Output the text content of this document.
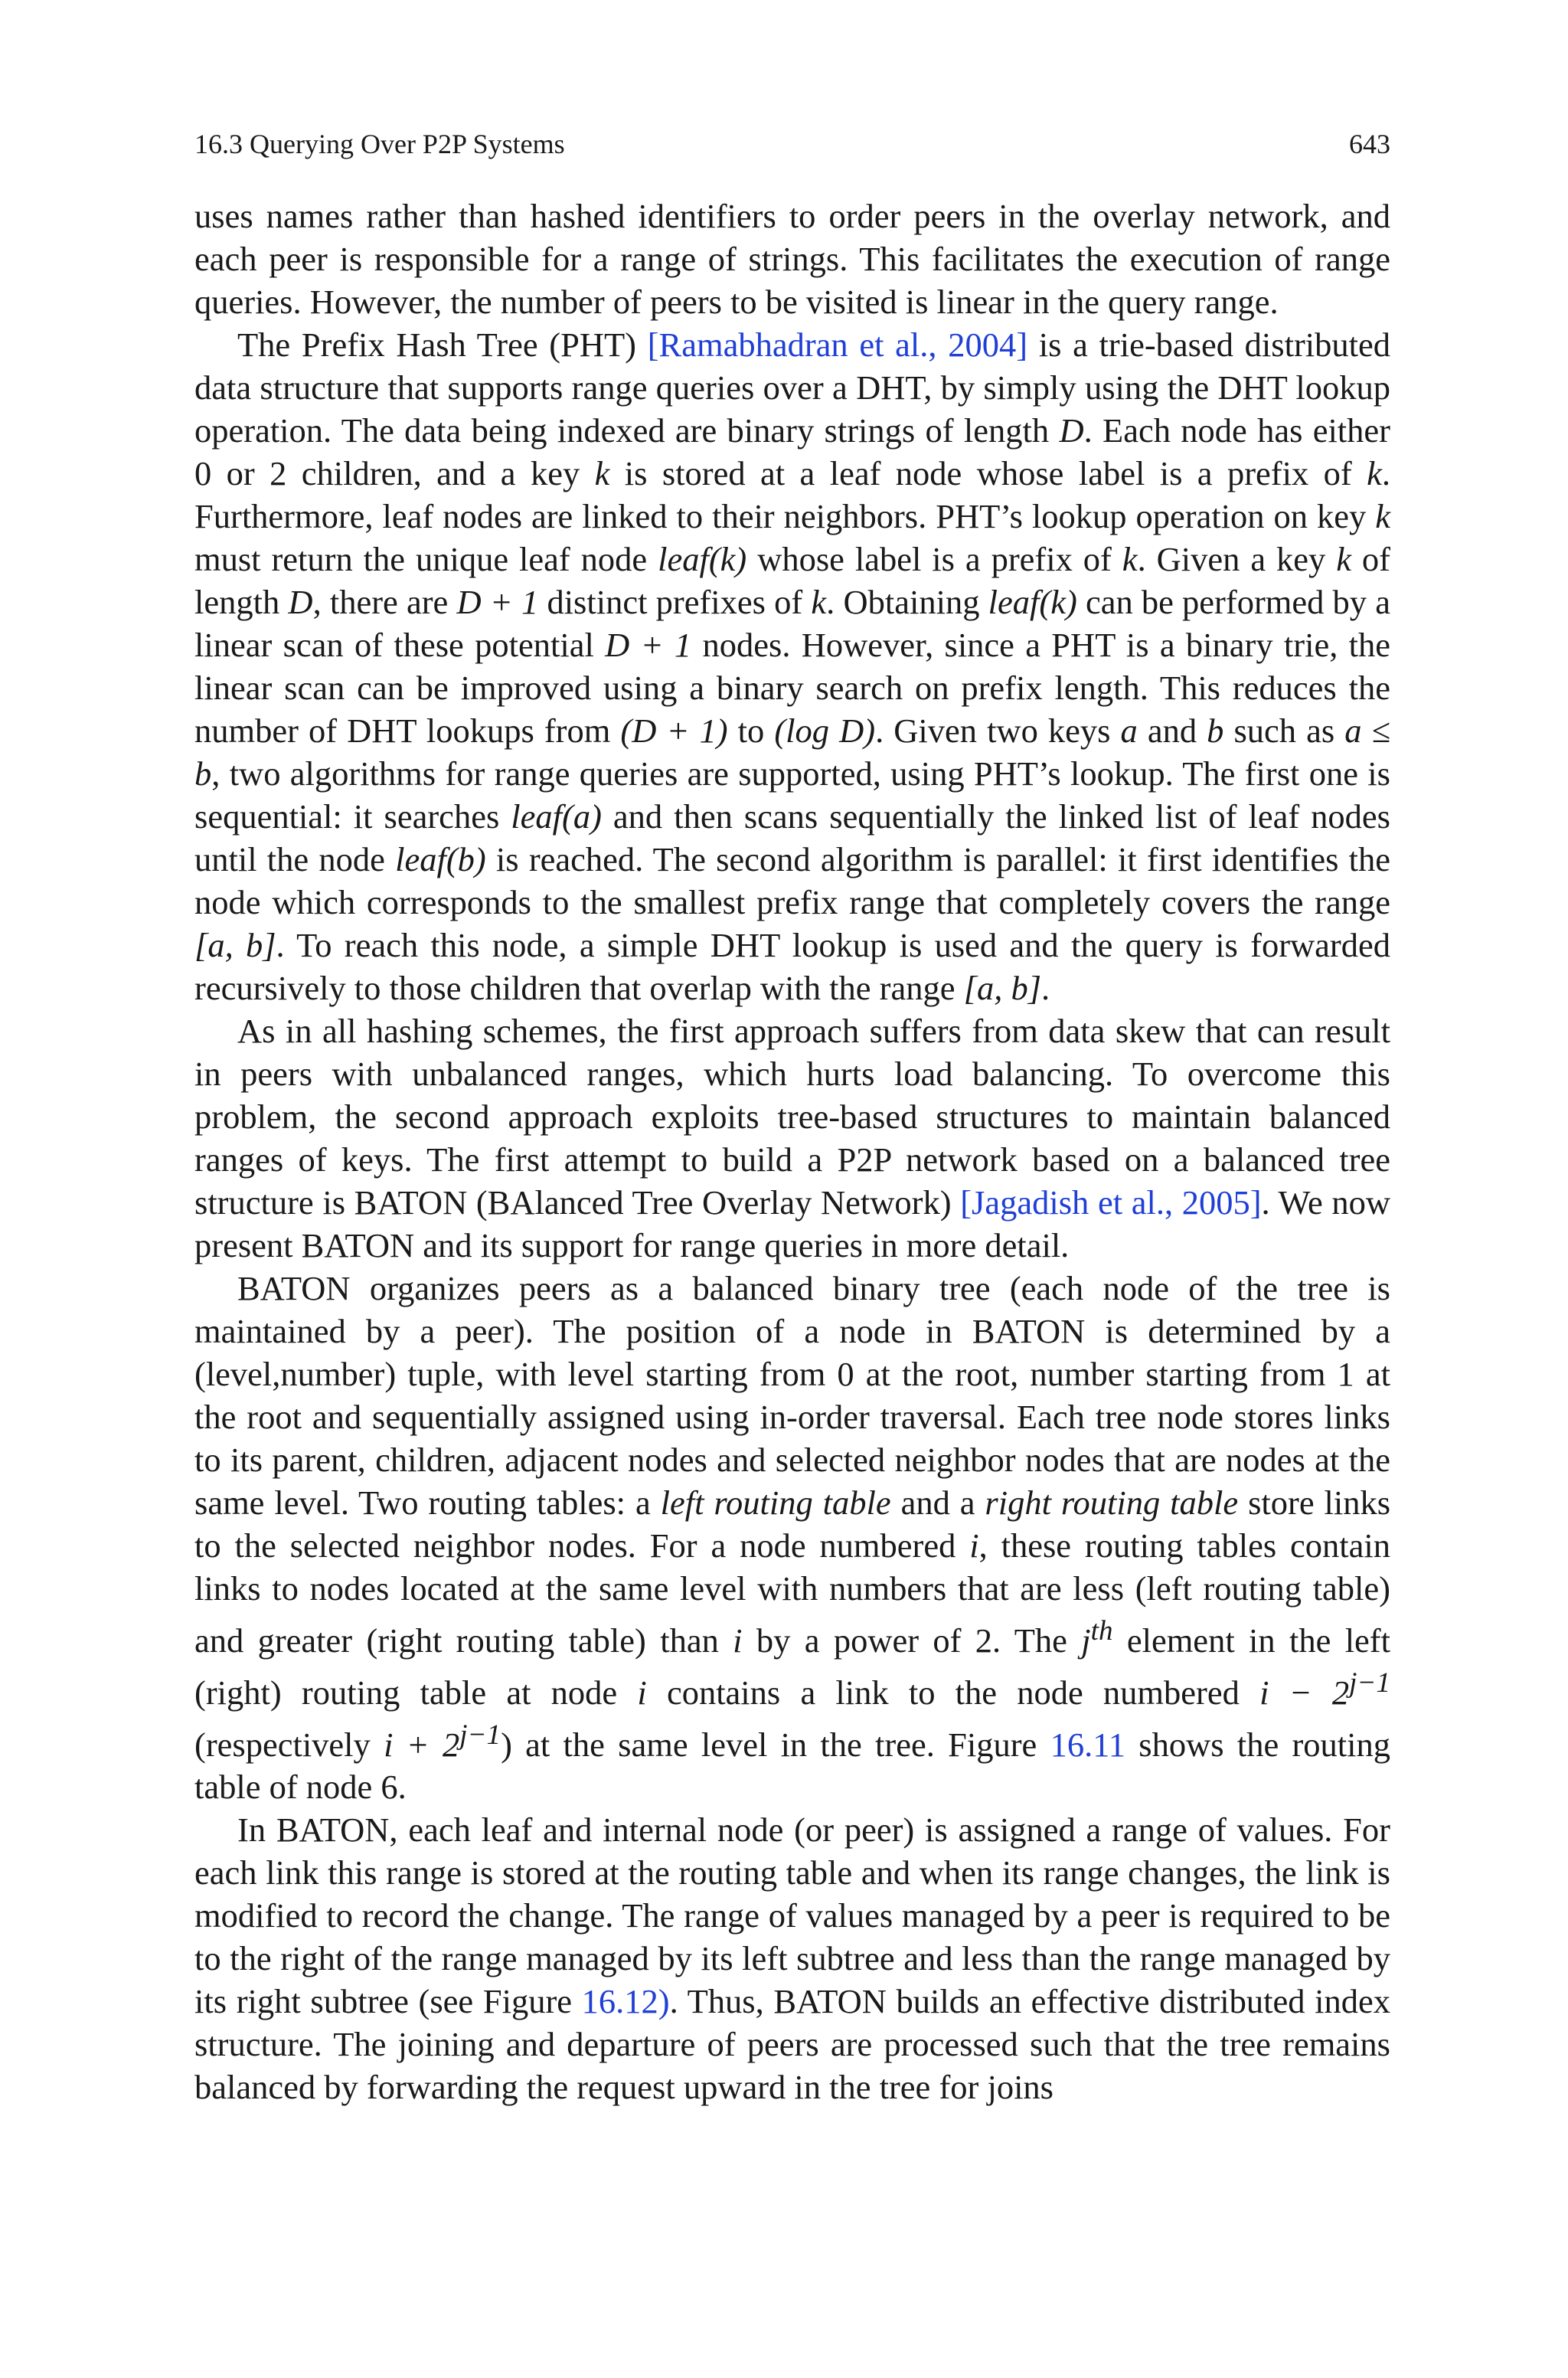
16.3 Querying Over P2P Systems	643

uses names rather than hashed identifiers to order peers in the overlay network, and each peer is responsible for a range of strings. This facilitates the execution of range queries. However, the number of peers to be visited is linear in the query range.

The Prefix Hash Tree (PHT) [Ramabhadran et al., 2004] is a trie-based distributed data structure that supports range queries over a DHT, by simply using the DHT lookup operation. The data being indexed are binary strings of length D. Each node has either 0 or 2 children, and a key k is stored at a leaf node whose label is a prefix of k. Furthermore, leaf nodes are linked to their neighbors. PHT’s lookup operation on key k must return the unique leaf node leaf(k) whose label is a prefix of k. Given a key k of length D, there are D + 1 distinct prefixes of k. Obtaining leaf(k) can be performed by a linear scan of these potential D + 1 nodes. However, since a PHT is a binary trie, the linear scan can be improved using a binary search on prefix length. This reduces the number of DHT lookups from (D + 1) to (log D). Given two keys a and b such as a ≤ b, two algorithms for range queries are supported, using PHT’s lookup. The first one is sequential: it searches leaf(a) and then scans sequentially the linked list of leaf nodes until the node leaf(b) is reached. The second algorithm is parallel: it first identifies the node which corresponds to the smallest prefix range that completely covers the range [a, b]. To reach this node, a simple DHT lookup is used and the query is forwarded recursively to those children that overlap with the range [a, b].

As in all hashing schemes, the first approach suffers from data skew that can result in peers with unbalanced ranges, which hurts load balancing. To overcome this problem, the second approach exploits tree-based structures to maintain balanced ranges of keys. The first attempt to build a P2P network based on a balanced tree structure is BATON (BAlanced Tree Overlay Network) [Jagadish et al., 2005]. We now present BATON and its support for range queries in more detail.

BATON organizes peers as a balanced binary tree (each node of the tree is maintained by a peer). The position of a node in BATON is determined by a (level,number) tuple, with level starting from 0 at the root, number starting from 1 at the root and sequentially assigned using in-order traversal. Each tree node stores links to its parent, children, adjacent nodes and selected neighbor nodes that are nodes at the same level. Two routing tables: a left routing table and a right routing table store links to the selected neighbor nodes. For a node numbered i, these routing tables contain links to nodes located at the same level with numbers that are less (left routing table) and greater (right routing table) than i by a power of 2. The $j^{th}$ element in the left (right) routing table at node i contains a link to the node numbered $i - 2^{j-1}$ (respectively $i + 2^{j-1}$) at the same level in the tree. Figure 16.11 shows the routing table of node 6.

In BATON, each leaf and internal node (or peer) is assigned a range of values. For each link this range is stored at the routing table and when its range changes, the link is modified to record the change. The range of values managed by a peer is required to be to the right of the range managed by its left subtree and less than the range managed by its right subtree (see Figure 16.12). Thus, BATON builds an effective distributed index structure. The joining and departure of peers are processed such that the tree remains balanced by forwarding the request upward in the tree for joins
